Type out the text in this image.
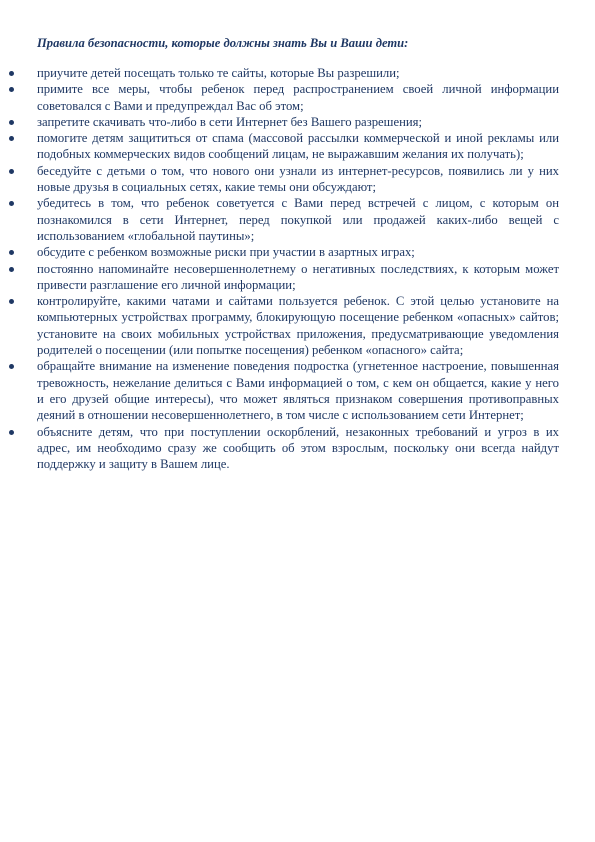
Правила безопасности, которые должны знать Вы и Ваши дети:

приучите детей посещать только те сайты, которые Вы разрешили;
примите все меры, чтобы ребенок перед распространением своей личной информации советовался с Вами и предупреждал Вас об этом;
запретите скачивать что-либо в сети Интернет без Вашего разрешения;
помогите детям защититься от спама (массовой рассылки коммерческой и иной рекламы или подобных коммерческих видов сообщений лицам, не выражавшим желания их получать);
беседуйте с детьми о том, что нового они узнали из интернет-ресурсов, появились ли у них новые друзья в социальных сетях, какие темы они обсуждают;
убедитесь в том, что ребенок советуется с Вами перед встречей с лицом, с которым он познакомился в сети Интернет, перед покупкой или продажей каких-либо вещей с использованием «глобальной паутины»;
обсудите с ребенком возможные риски при участии в азартных играх;
постоянно напоминайте несовершеннолетнему о негативных последствиях, к которым может привести разглашение его личной информации;
контролируйте, какими чатами и сайтами пользуется ребенок. С этой целью установите на компьютерных устройствах программу, блокирующую посещение ребенком «опасных» сайтов; установите на своих мобильных устройствах приложения, предусматривающие уведомления родителей о посещении (или попытке посещения) ребенком «опасного» сайта;
обращайте внимание на изменение поведения подростка (угнетенное настроение, повышенная тревожность, нежелание делиться с Вами информацией о том, с кем он общается, какие у него и его друзей общие интересы), что может являться признаком совершения противоправных деяний в отношении несовершеннолетнего, в том числе с использованием сети Интернет;
объясните детям, что при поступлении оскорблений, незаконных требований и угроз в их адрес, им необходимо сразу же сообщить об этом взрослым, поскольку они всегда найдут поддержку и защиту в Вашем лице.
